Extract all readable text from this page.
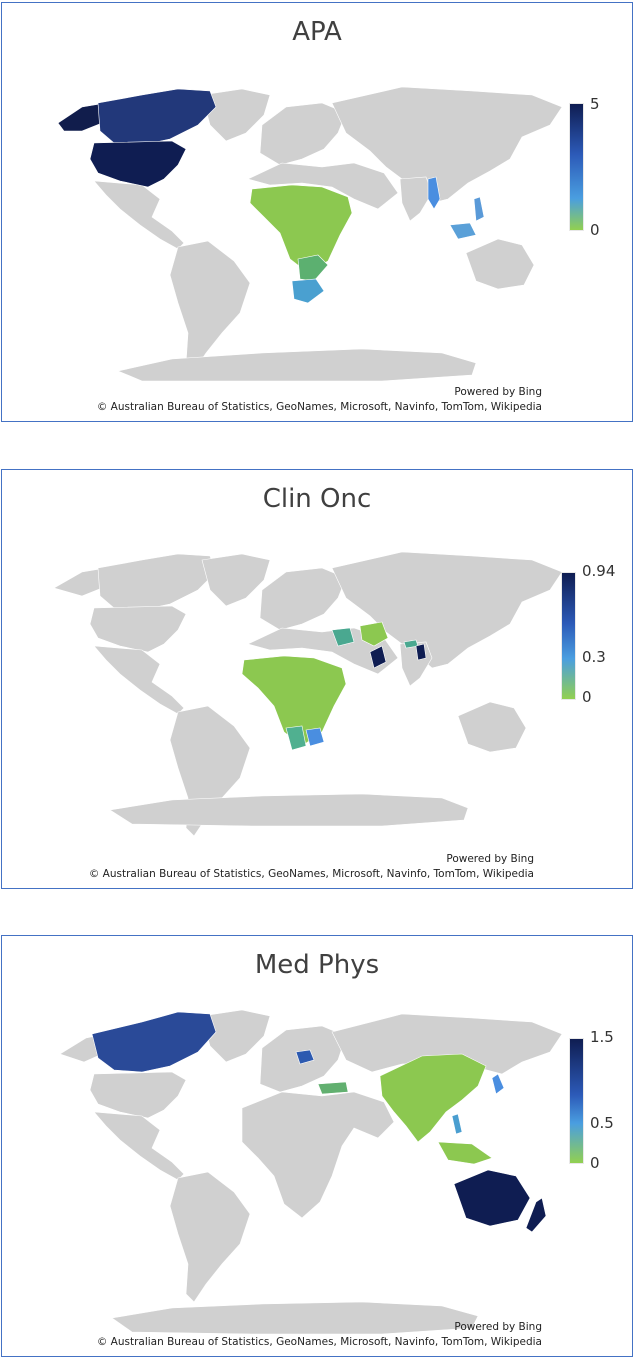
APA
5
0
Powered by Bing
© Australian Bureau of Statistics, GeoNames, Microsoft, Navinfo, TomTom, Wikipedia
Clin Onc
0.94
0.3
0
Powered by Bing
© Australian Bureau of Statistics, GeoNames, Microsoft, Navinfo, TomTom, Wikipedia
Med Phys
1.5
0.5
0
Powered by Bing
© Australian Bureau of Statistics, GeoNames, Microsoft, Navinfo, TomTom, Wikipedia
